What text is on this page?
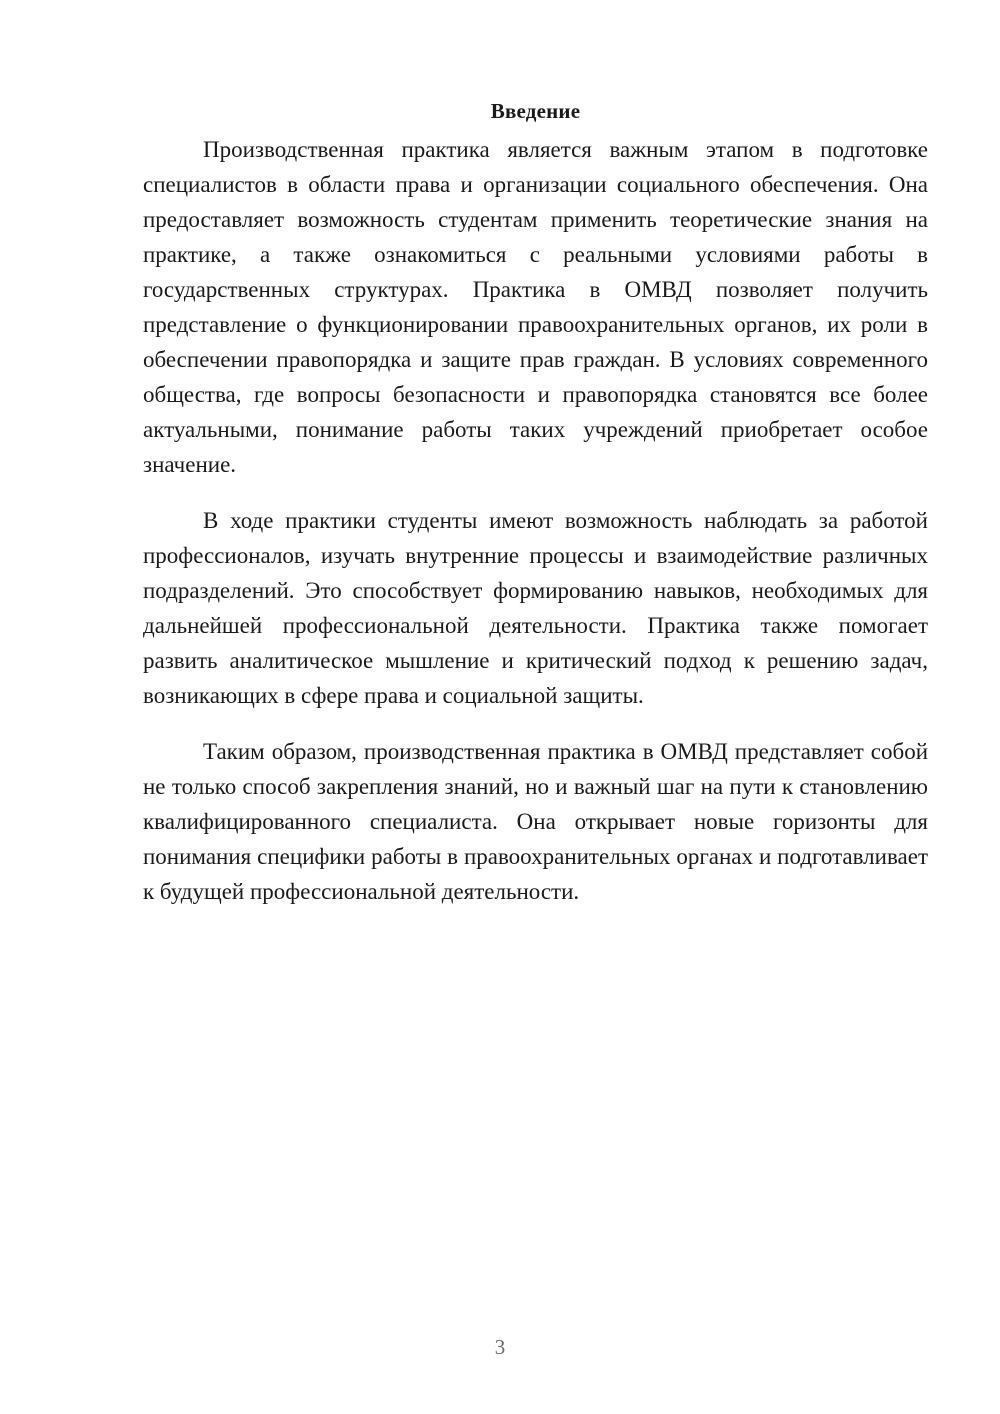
Введение

Производственная практика является важным этапом в подготовке специалистов в области права и организации социального обеспечения. Она предоставляет возможность студентам применить теоретические знания на практике, а также ознакомиться с реальными условиями работы в государственных структурах. Практика в ОМВД позволяет получить представление о функционировании правоохранительных органов, их роли в обеспечении правопорядка и защите прав граждан. В условиях современного общества, где вопросы безопасности и правопорядка становятся все более актуальными, понимание работы таких учреждений приобретает особое значение.

В ходе практики студенты имеют возможность наблюдать за работой профессионалов, изучать внутренние процессы и взаимодействие различных подразделений. Это способствует формированию навыков, необходимых для дальнейшей профессиональной деятельности. Практика также помогает развить аналитическое мышление и критический подход к решению задач, возникающих в сфере права и социальной защиты.

Таким образом, производственная практика в ОМВД представляет собой не только способ закрепления знаний, но и важный шаг на пути к становлению квалифицированного специалиста. Она открывает новые горизонты для понимания специфики работы в правоохранительных органах и подготавливает к будущей профессиональной деятельности.

3
